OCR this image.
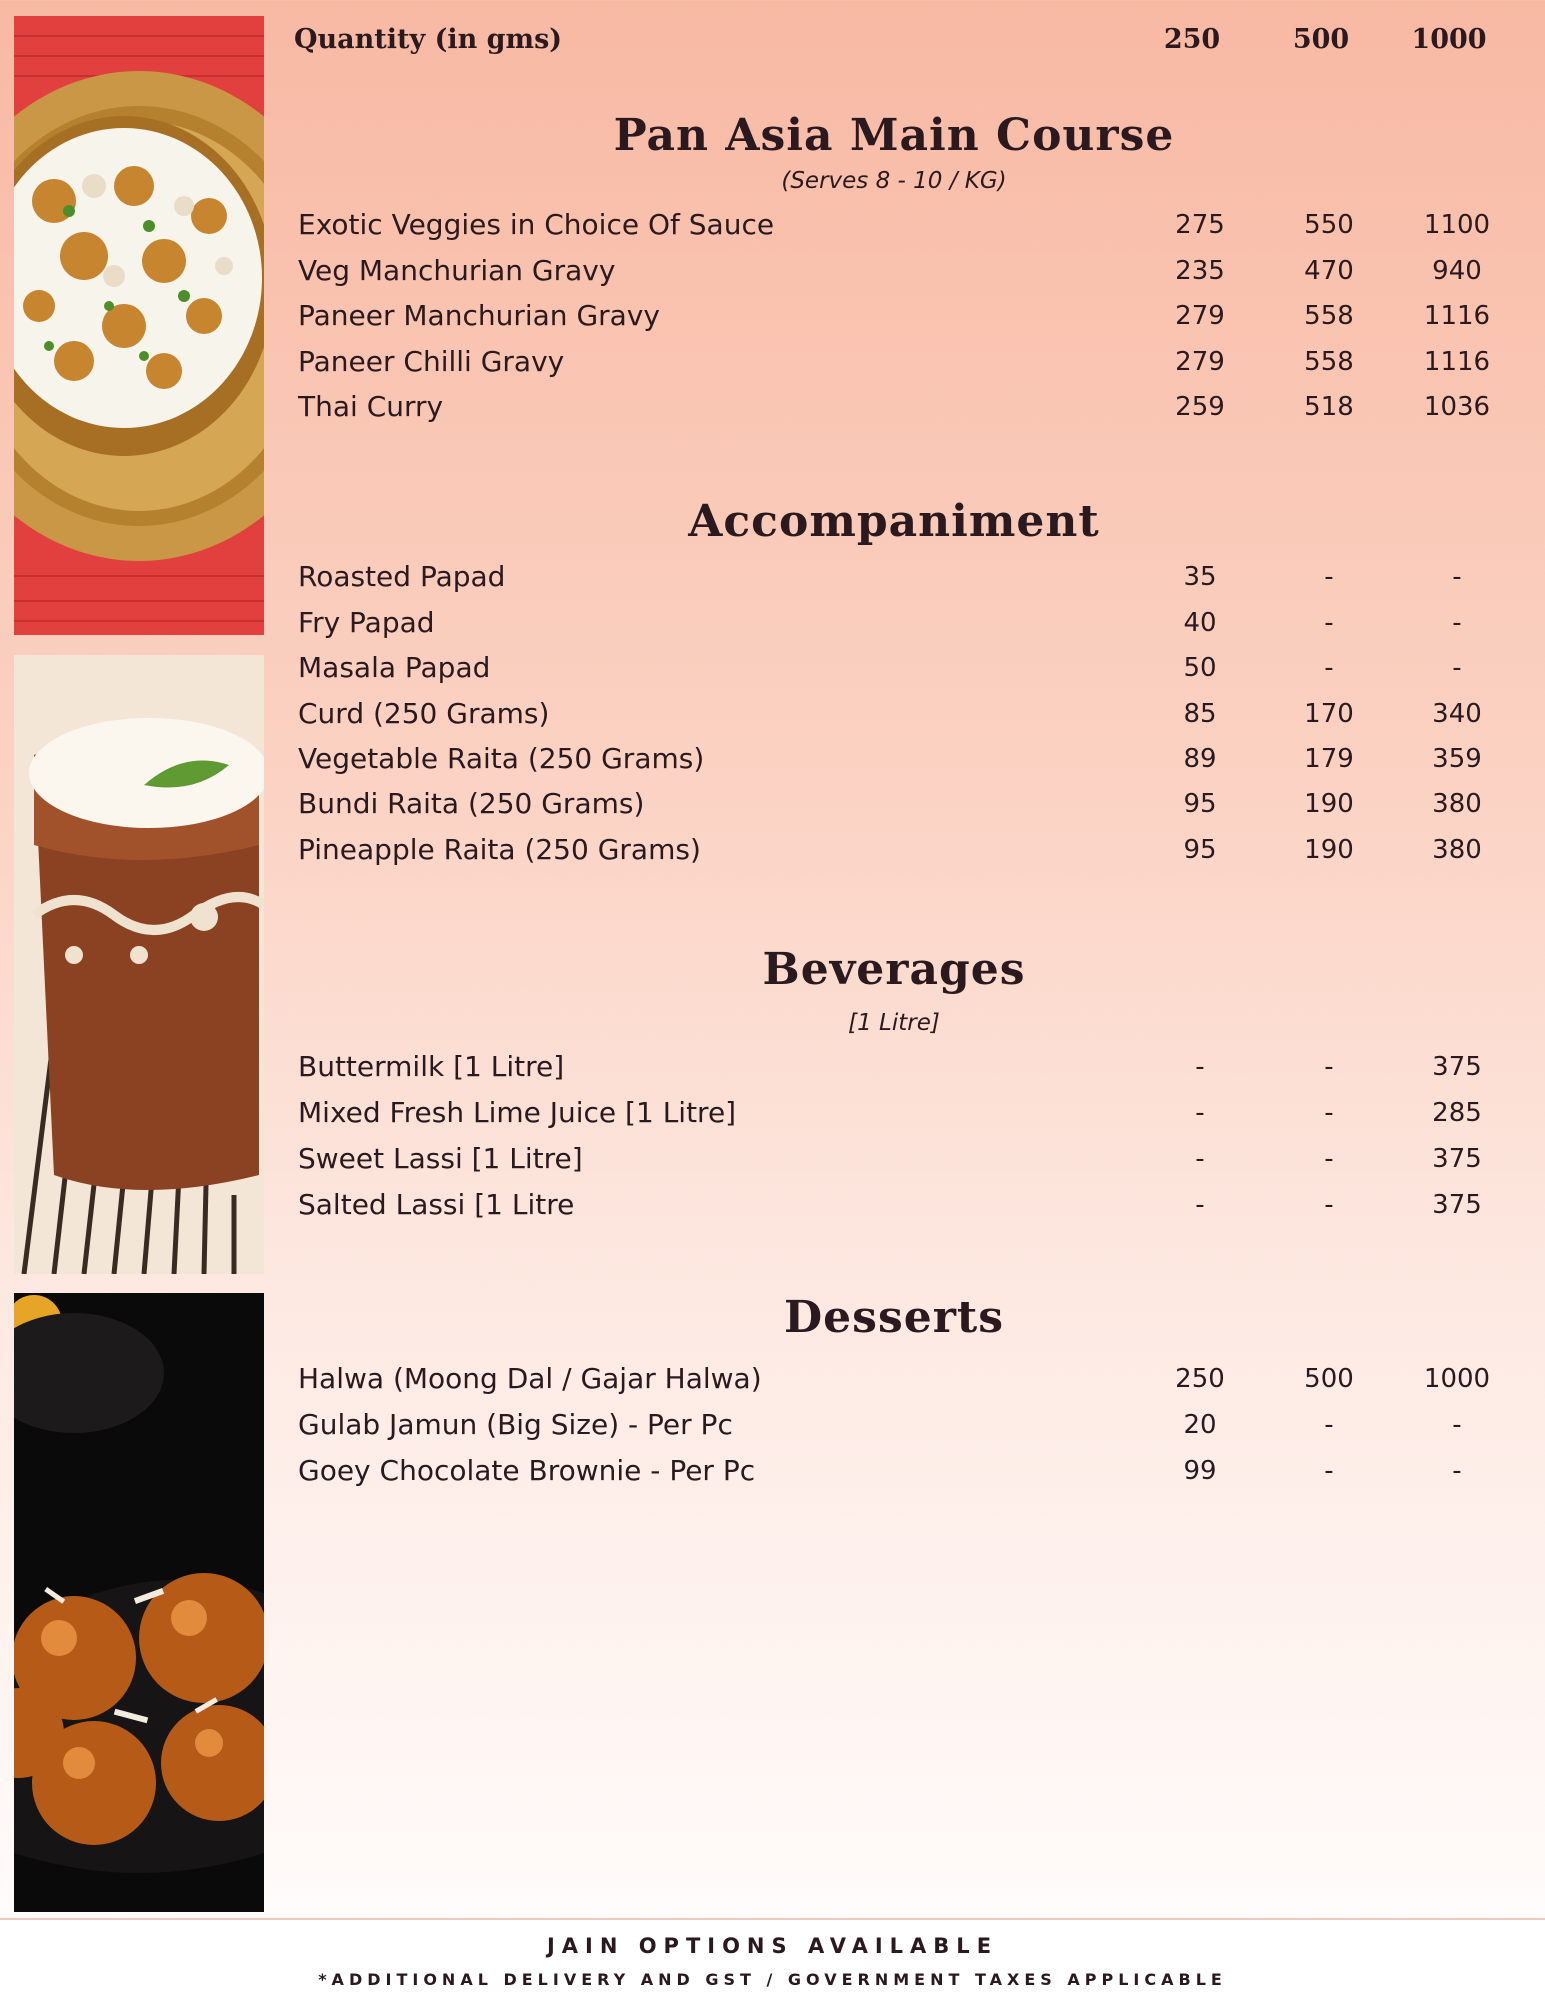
Quantity (in gms)	250	500	1000
Pan Asia Main Course
(Serves 8 - 10 / KG)
Exotic Veggies in Choice Of Sauce	275	550	1100
Veg Manchurian Gravy	235	470	940
Paneer Manchurian Gravy	279	558	1116
Paneer Chilli Gravy	279	558	1116
Thai Curry	259	518	1036
Accompaniment
Roasted Papad	35	-	-
Fry Papad	40	-	-
Masala Papad	50	-	-
Curd (250 Grams)	85	170	340
Vegetable Raita (250 Grams)	89	179	359
Bundi Raita (250 Grams)	95	190	380
Pineapple Raita (250 Grams)	95	190	380
Beverages
[1 Litre]
Buttermilk [1 Litre]	-	-	375
Mixed Fresh Lime Juice [1 Litre]	-	-	285
Sweet Lassi [1 Litre]	-	-	375
Salted Lassi [1 Litre	-	-	375
Desserts
Halwa (Moong Dal / Gajar Halwa)	250	500	1000
Gulab Jamun (Big Size) - Per Pc	20	-	-
Goey Chocolate Brownie - Per Pc	99	-	-
JAIN OPTIONS AVAILABLE
*ADDITIONAL DELIVERY AND GST / GOVERNMENT TAXES APPLICABLE
